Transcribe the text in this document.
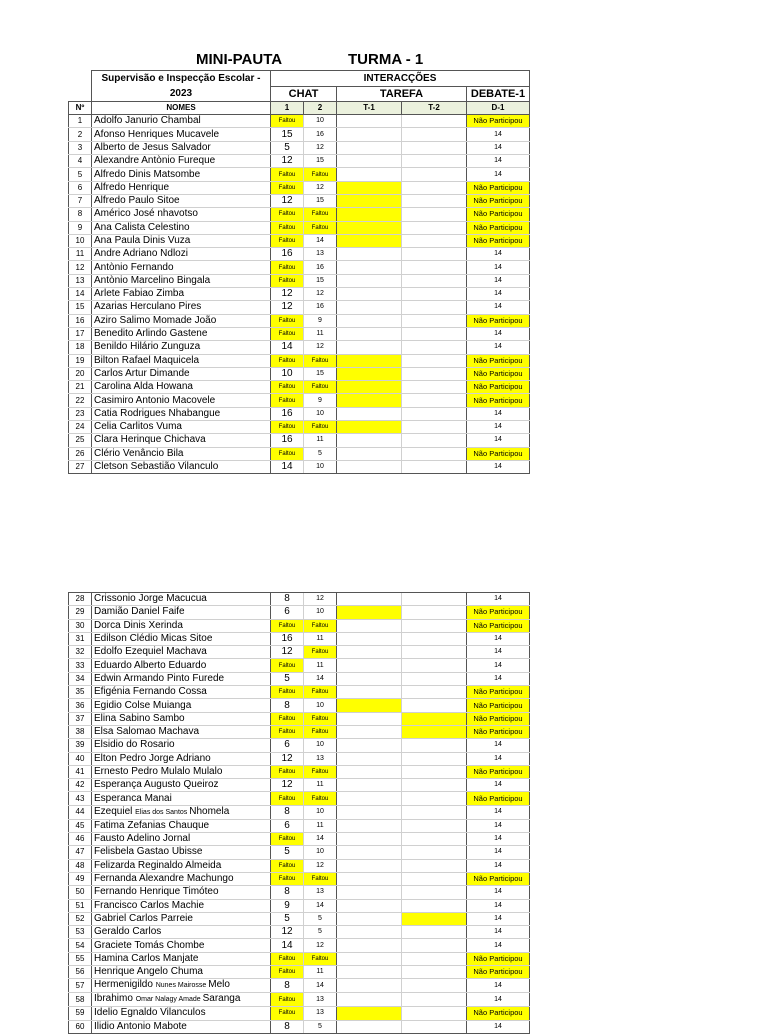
MINI-PAUTA	TURMA - 1

	Supervisão e Inspecção Escolar -
2023	INTERACÇÕES				
		CHAT		TAREFA		DEBATE-1
Nº	NOMES	1	2	T-1	T-2	D-1
1	Adolfo Janurio Chambal	Faltou	10			Não Participou
2	Afonso Henriques Mucavele	15	16			14
3	Alberto de Jesus Salvador	5	12			14
4	Alexandre Antònio Fureque	12	15			14
5	Alfredo Dinis Matsombe	Faltou	Faltou			14
6	Alfredo Henrique	Faltou	12			Não Participou
7	Alfredo Paulo Sitoe	12	15			Não Participou
8	Américo José nhavotso	Faltou	Faltou			Não Participou
9	Ana Calista Celestino	Faltou	Faltou			Não Participou
10	Ana Paula Dinis Vuza	Faltou	14			Não Participou
11	Andre Adriano Ndlozi	16	13			14
12	Antònio Fernando	Faltou	16			14
13	Antònio Marcelino Bingala	Faltou	15			14
14	Arlete Fabiao Zimba	12	12			14
15	Azarias Herculano Pires	12	16			14
16	Aziro Salimo Momade João	Faltou	9			Não Participou
17	Benedito Arlindo Gastene	Faltou	11			14
18	Benildo Hilário Zunguza	14	12			14
19	Bilton Rafael Maquicela	Faltou	Faltou			Não Participou
20	Carlos Artur Dimande	10	15			Não Participou
21	Carolina Alda Howana	Faltou	Faltou			Não Participou
22	Casimiro Antonio Macovele	Faltou	9			Não Participou
23	Catia Rodrigues Nhabangue	16	10			14
24	Celia Carlitos Vuma	Faltou	Faltou			14
25	Clara Herinque Chichava	16	11			14
26	Clério Venâncio Bila	Faltou	5			Não Participou
27	Cletson Sebastião Vilanculo	14	10			14
28	Crissonio Jorge Macucua	8	12			14
29	Damião Daniel Faife	6	10			Não Participou
30	Dorca Dinis Xerinda	Faltou	Faltou			Não Participou
31	Edilson Clédio Micas Sitoe	16	11			14
32	Edolfo Ezequiel Machava	12	Faltou			14
33	Eduardo Alberto Eduardo	Faltou	11			14
34	Edwin Armando Pinto Furede	5	14			14
35	Efigénia Fernando Cossa	Faltou	Faltou			Não Participou
36	Egidio Colse Muianga	8	10			Não Participou
37	Elina Sabino Sambo	Faltou	Faltou			Não Participou
38	Elsa Salomao Machava	Faltou	Faltou			Não Participou
39	Elsidio do Rosario	6	10			14
40	Elton Pedro Jorge Adriano	12	13			14
41	Ernesto Pedro Mulalo Mulalo	Faltou	Faltou			Não Participou
42	Esperança Augusto Queiroz	12	11			14
43	Esperanca Manai	Faltou	Faltou			Não Participou
44	Ezequiel Elias dos Santos Nhomela	8	10			14
45	Fatima Zefanias Chauque	6	11			14
46	Fausto Adelino Jornal	Faltou	14			14
47	Felisbela Gastao Ubisse	5	10			14
48	Felizarda Reginaldo Almeida	Faltou	12			14
49	Fernanda Alexandre Machungo	Faltou	Faltou			Não Participou
50	Fernando Henrique Timóteo	8	13			14
51	Francisco Carlos Machie	9	14			14
52	Gabriel Carlos Parreie	5	5			14
53	Geraldo Carlos	12	5			14
54	Graciete Tomás Chombe	14	12			14
55	Hamina Carlos Manjate	Faltou	Faltou			Não Participou
56	Henrique Angelo Chuma	Faltou	11			Não Participou
57	Hermenigildo Nunes Mairosse Melo	8	14			14
58	Ibrahimo Omar Nalagy Amade Saranga	Faltou	13			14
59	Idelio Egnaldo Vilanculos	Faltou	13			Não Participou
60	Ilidio Antonio Mabote	8	5			14
